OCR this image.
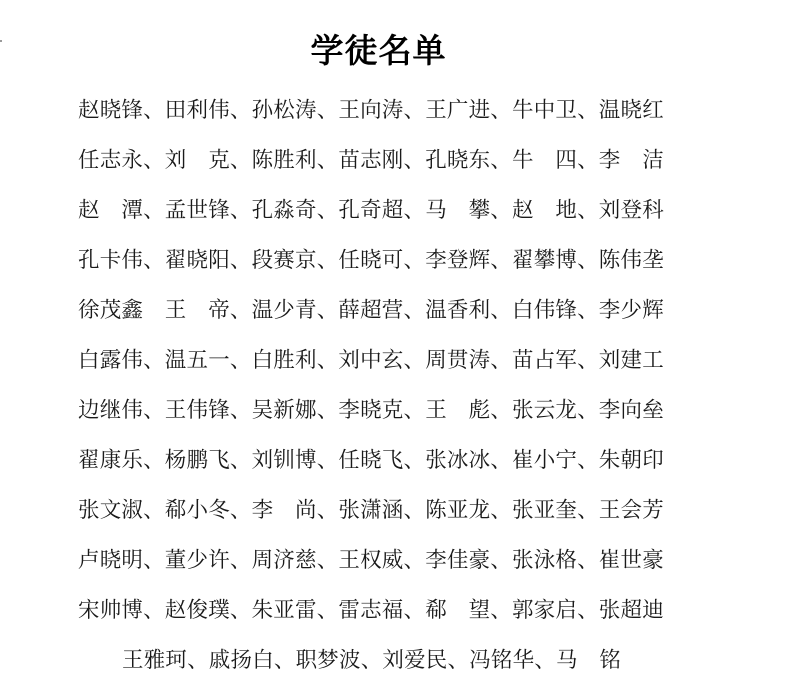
学徒名单
赵晓锋、田利伟、孙松涛、王向涛、王广进、牛中卫、温晓红
任志永、刘　克、陈胜利、苗志刚、孔晓东、牛　四、李　洁
赵　潭、孟世锋、孔淼奇、孔奇超、马　攀、赵　地、刘登科
孔卡伟、翟晓阳、段赛京、任晓可、李登辉、翟攀博、陈伟垄
徐茂鑫　王　帝、温少青、薛超营、温香利、白伟锋、李少辉
白露伟、温五一、白胜利、刘中玄、周贯涛、苗占军、刘建工
边继伟、王伟锋、吴新娜、李晓克、王　彪、张云龙、李向垒
翟康乐、杨鹏飞、刘钏博、任晓飞、张冰冰、崔小宁、朱朝印
张文淑、郗小冬、李　尚、张潇涵、陈亚龙、张亚奎、王会芳
卢晓明、董少许、周济慈、王权威、李佳豪、张泳格、崔世豪
宋帅博、赵俊璞、朱亚雷、雷志福、郗　望、郭家启、张超迪
王雅珂、戚扬白、职梦波、刘爱民、冯铭华、马　铭
